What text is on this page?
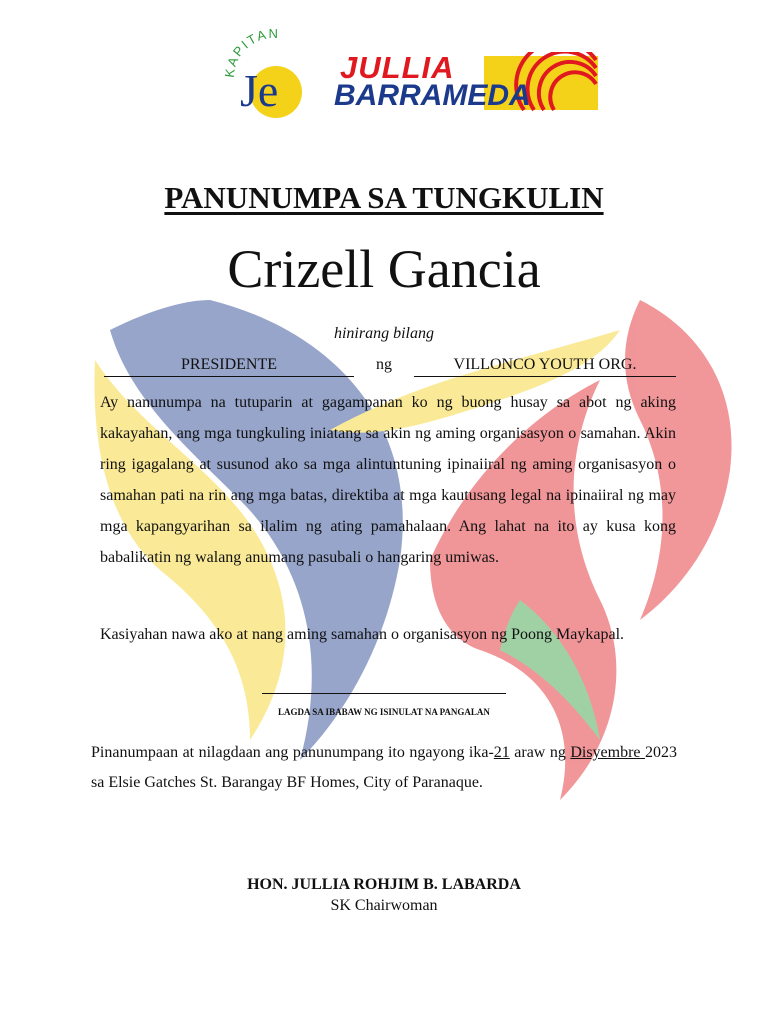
KAPITAN
Je JULLIA
BARRAMEDA
PANUNUMPA SA TUNGKULIN
Crizell Gancia
hinirang bilang
PRESIDENTE	ng	VILLONCO YOUTH ORG.
Ay nanunumpa na tutuparin at gagampanan ko ng buong husay sa abot ng aking kakayahan, ang mga tungkuling iniatang sa akin ng aming organisasyon o samahan. Akin ring igagalang at susunod ako sa mga alintuntuning ipinaiiral ng aming organisasyon o samahan pati na rin ang mga batas, direktiba at mga kautusang legal na ipinaiiral ng may mga kapangyarihan sa ilalim ng ating pamahalaan. Ang lahat na ito ay kusa kong babalikatin ng walang anumang pasubali o hangaring umiwas.
Kasiyahan nawa ako at nang aming samahan o organisasyon ng Poong Maykapal.
LAGDA SA IBABAW NG ISINULAT NA PANGALAN
Pinanumpaan at nilagdaan ang panunumpang ito ngayong ika-21 araw ng Disyembre 2023 sa Elsie Gatches St. Barangay BF Homes, City of Paranaque.
HON. JULLIA ROHJIM B. LABARDA
SK Chairwoman
